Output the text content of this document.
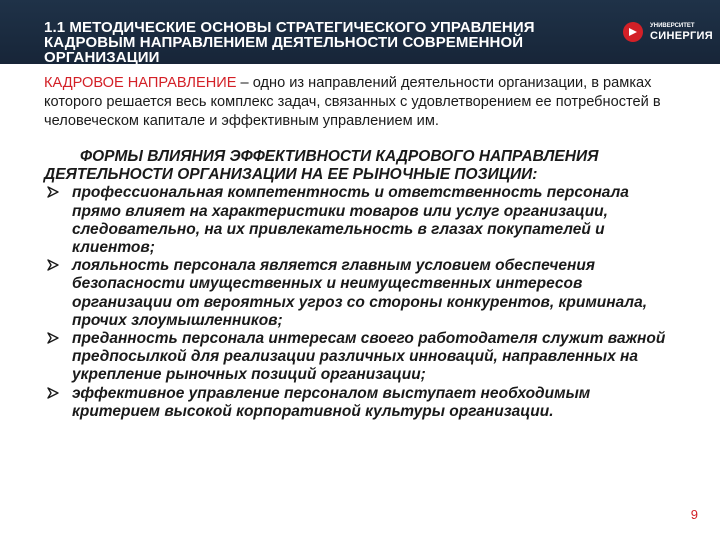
1.1 МЕТОДИЧЕСКИЕ ОСНОВЫ СТРАТЕГИЧЕСКОГО УПРАВЛЕНИЯ КАДРОВЫМ НАПРАВЛЕНИЕМ ДЕЯТЕЛЬНОСТИ СОВРЕМЕННОЙ ОРГАНИЗАЦИИ
УНИВЕРСИТЕТ
СИНЕРГИЯ

КАДРОВОЕ НАПРАВЛЕНИЕ – одно из направлений деятельности организации, в рамках которого решается весь комплекс задач, связанных с удовлетворением ее потребностей в человеческом капитале и эффективным управлением им.

ФОРМЫ ВЛИЯНИЯ ЭФФЕКТИВНОСТИ КАДРОВОГО НАПРАВЛЕНИЯ ДЕЯТЕЛЬНОСТИ ОРГАНИЗАЦИИ НА ЕЕ РЫНОЧНЫЕ ПОЗИЦИИ:
профессиональная компетентность и ответственность персонала прямо влияет на характеристики товаров или услуг организации, следовательно, на их привлекательность в глазах покупателей и клиентов;
лояльность персонала является главным условием обеспечения безопасности имущественных и неимущественных интересов организации от вероятных угроз со стороны конкурентов, криминала, прочих злоумышленников;
преданность персонала интересам своего работодателя служит важной предпосылкой для реализации различных инноваций, направленных на укрепление рыночных позиций организации;
эффективное управление персоналом выступает необходимым критерием высокой корпоративной культуры организации.
9
